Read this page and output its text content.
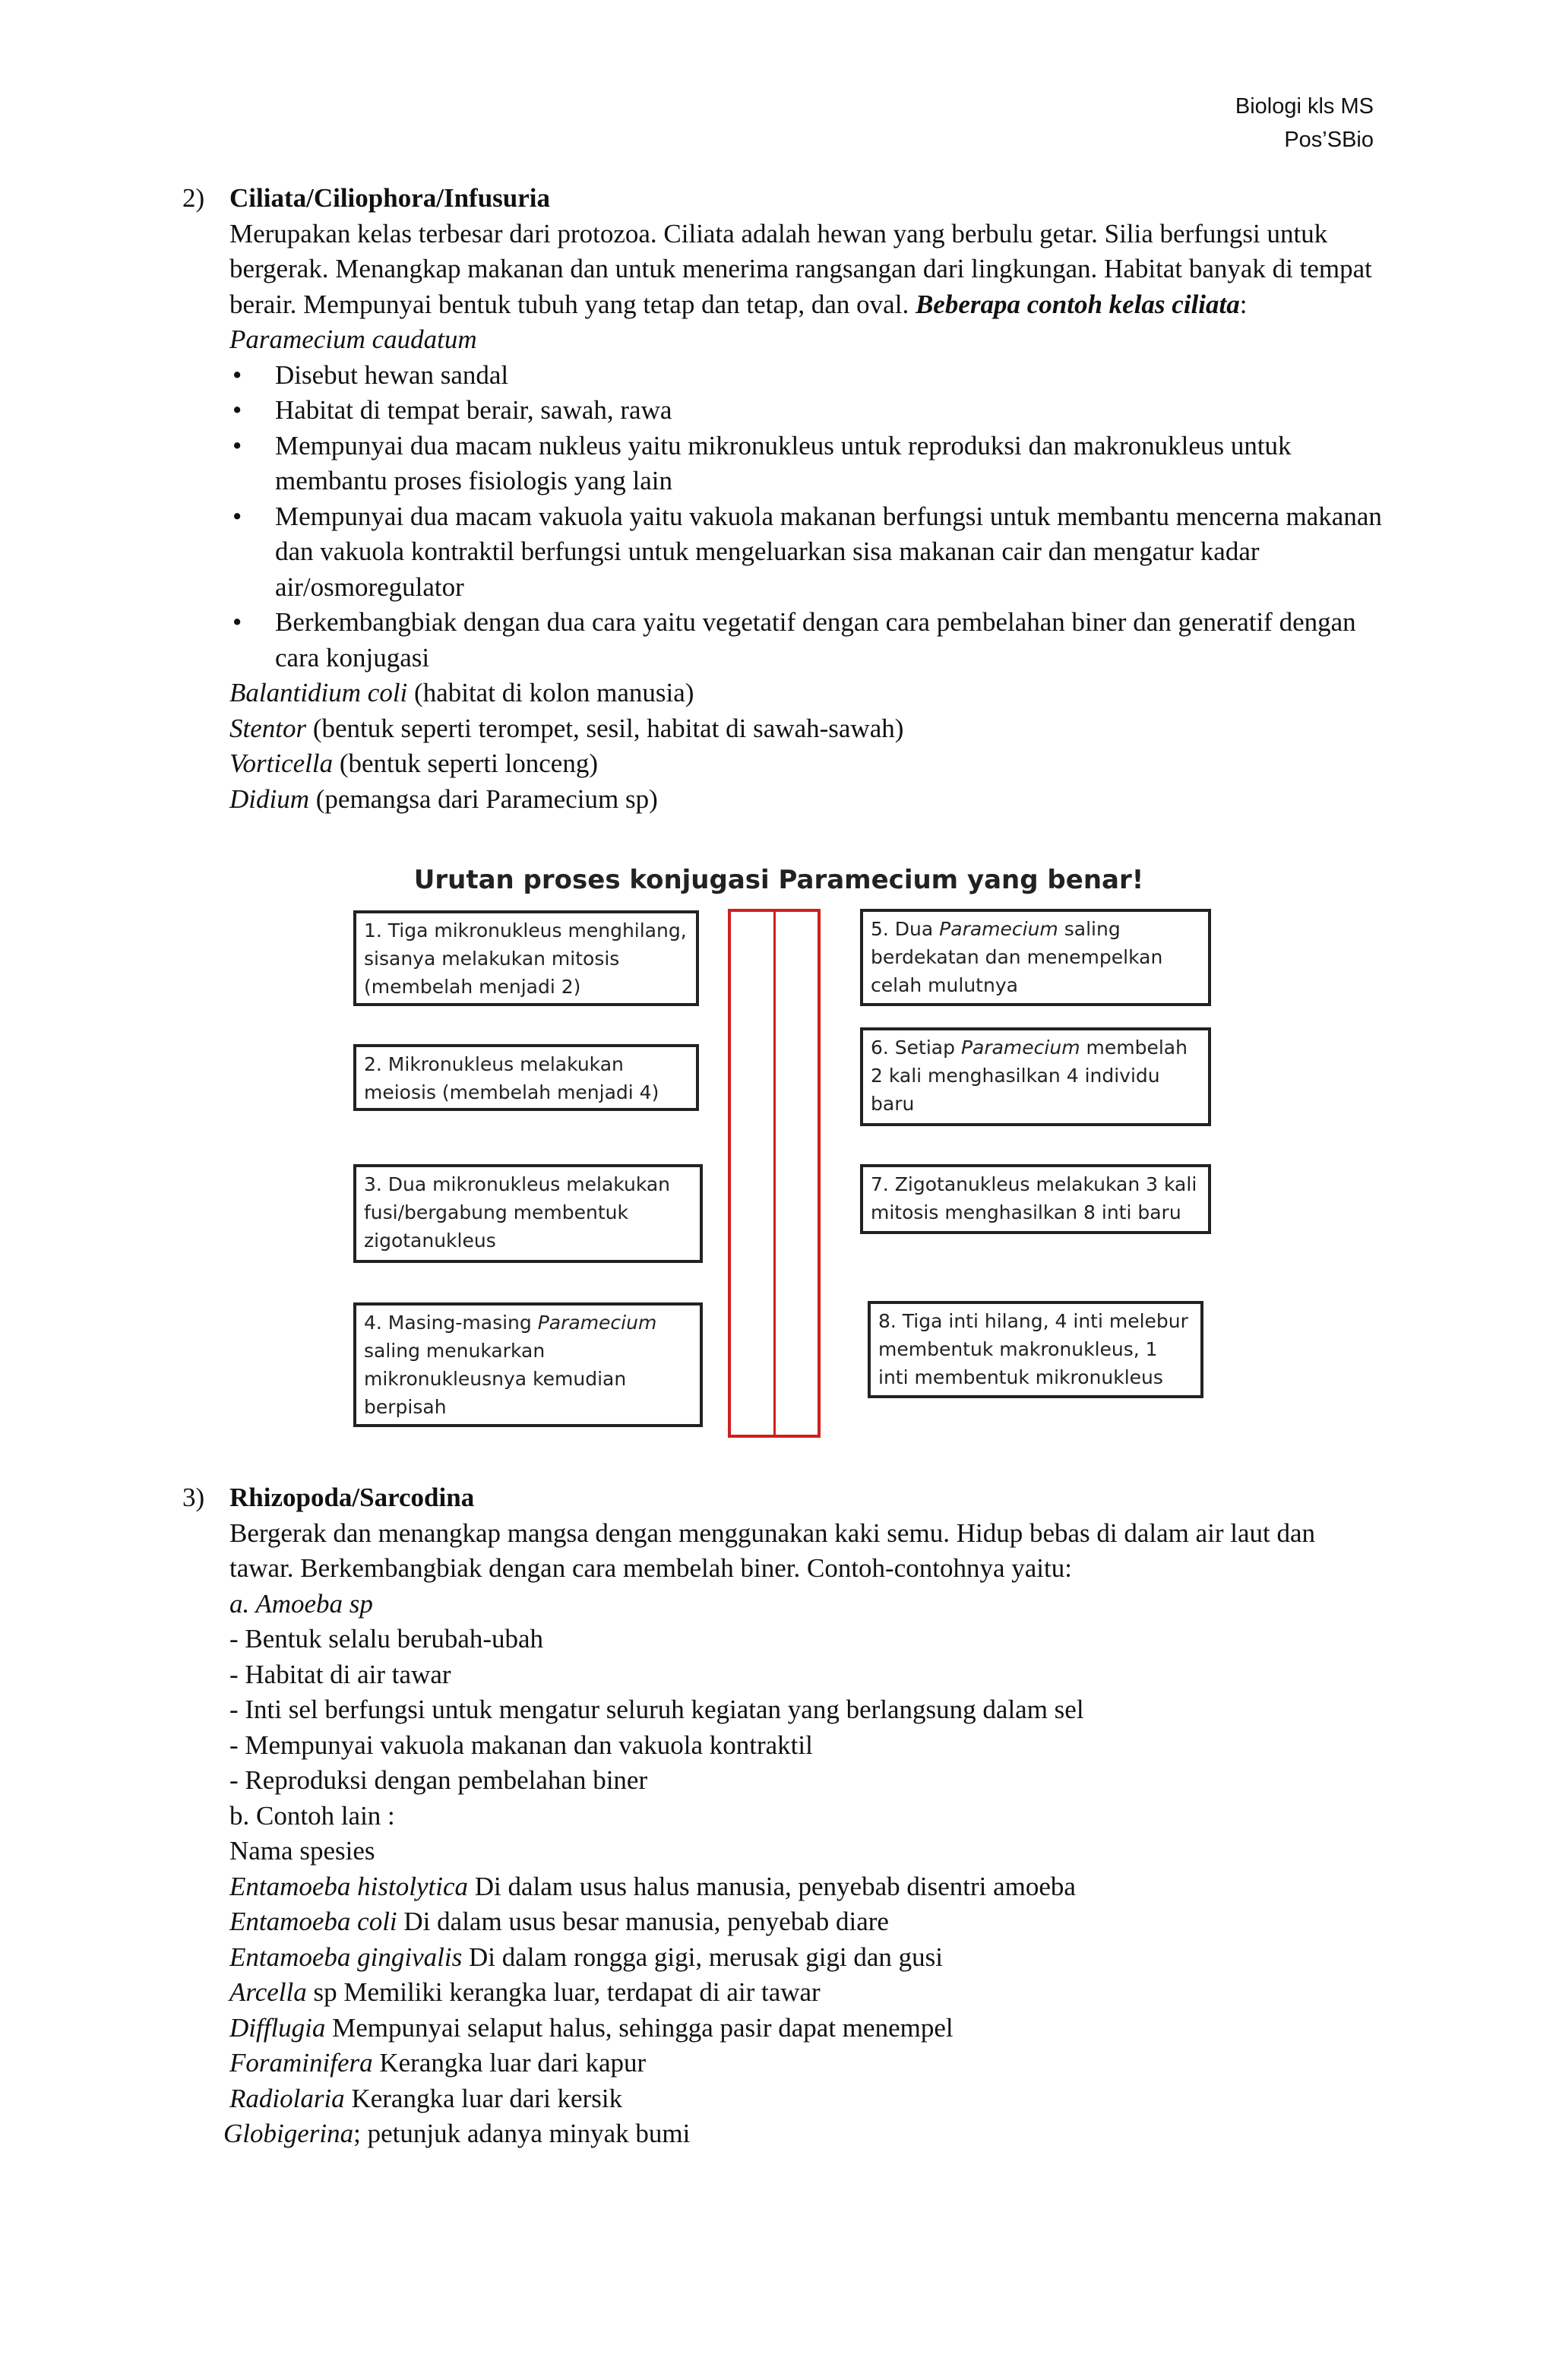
Biologi kls MS
Pos’SBio
2) Ciliata/Ciliophora/Infusuria
Merupakan kelas terbesar dari protozoa. Ciliata adalah hewan yang berbulu getar. Silia berfungsi untuk bergerak. Menangkap makanan dan untuk menerima rangsangan dari lingkungan. Habitat banyak di tempat berair. Mempunyai bentuk tubuh yang tetap dan tetap, dan oval. Beberapa contoh kelas ciliata:
Paramecium caudatum
• Disebut hewan sandal
• Habitat di tempat berair, sawah, rawa
• Mempunyai dua macam nukleus yaitu mikronukleus untuk reproduksi dan makronukleus untuk membantu proses fisiologis yang lain
• Mempunyai dua macam vakuola yaitu vakuola makanan berfungsi untuk membantu mencerna makanan dan vakuola kontraktil berfungsi untuk mengeluarkan sisa makanan cair dan mengatur kadar air/osmoregulator
• Berkembangbiak dengan dua cara yaitu vegetatif dengan cara pembelahan biner dan generatif dengan cara konjugasi
Balantidium coli (habitat di kolon manusia)
Stentor (bentuk seperti terompet, sesil, habitat di sawah-sawah)
Vorticella (bentuk seperti lonceng)
Didium (pemangsa dari Paramecium sp)
Urutan proses konjugasi Paramecium yang benar!
1. Tiga mikronukleus menghilang,
sisanya melakukan mitosis
(membelah menjadi 2)
2. Mikronukleus melakukan
meiosis (membelah menjadi 4)
3. Dua mikronukleus melakukan
fusi/bergabung membentuk
zigotanukleus
4. Masing-masing Paramecium
saling menukarkan
mikronukleusnya kemudian
berpisah
5. Dua Paramecium saling
berdekatan dan menempelkan
celah mulutnya
6. Setiap Paramecium membelah
2 kali menghasilkan 4 individu
baru
7. Zigotanukleus melakukan 3 kali
mitosis menghasilkan 8 inti baru
8. Tiga inti hilang, 4 inti melebur
membentuk makronukleus, 1
inti membentuk mikronukleus
3) Rhizopoda/Sarcodina
Bergerak dan menangkap mangsa dengan menggunakan kaki semu. Hidup bebas di dalam air laut dan tawar. Berkembangbiak dengan cara membelah biner. Contoh-contohnya yaitu:
a. Amoeba sp
- Bentuk selalu berubah-ubah
- Habitat di air tawar
- Inti sel berfungsi untuk mengatur seluruh kegiatan yang berlangsung dalam sel
- Mempunyai vakuola makanan dan vakuola kontraktil
- Reproduksi dengan pembelahan biner
b. Contoh lain :
Nama spesies
Entamoeba histolytica Di dalam usus halus manusia, penyebab disentri amoeba
Entamoeba coli Di dalam usus besar manusia, penyebab diare
Entamoeba gingivalis Di dalam rongga gigi, merusak gigi dan gusi
Arcella sp Memiliki kerangka luar, terdapat di air tawar
Difflugia Mempunyai selaput halus, sehingga pasir dapat menempel
Foraminifera Kerangka luar dari kapur
Radiolaria Kerangka luar dari kersik
Globigerina; petunjuk adanya minyak bumi
